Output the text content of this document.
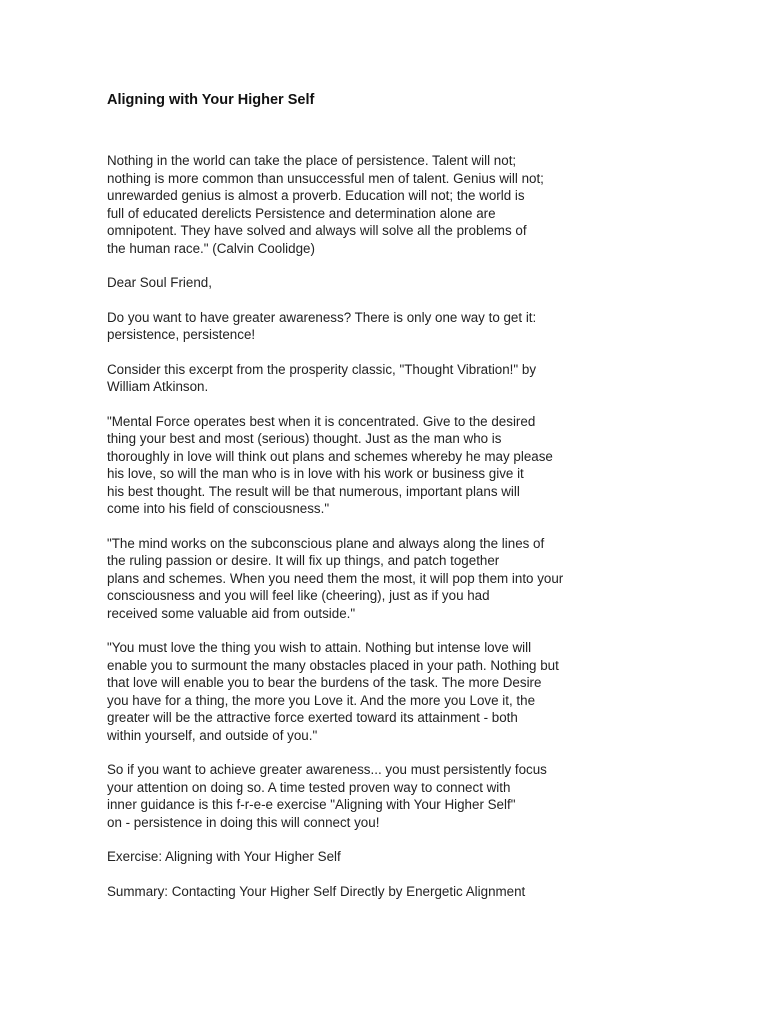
Aligning with Your Higher Self
Nothing in the world can take the place of persistence. Talent will not;
nothing is more common than unsuccessful men of talent. Genius will not;
unrewarded genius is almost a proverb. Education will not; the world is
full of educated derelicts Persistence and determination alone are
omnipotent. They have solved and always will solve all the problems of
the human race." (Calvin Coolidge)
Dear Soul Friend,
Do you want to have greater awareness? There is only one way to get it:
persistence, persistence!
Consider this excerpt from the prosperity classic, "Thought Vibration!" by
William Atkinson.
"Mental Force operates best when it is concentrated. Give to the desired
thing your best and most (serious) thought. Just as the man who is
thoroughly in love will think out plans and schemes whereby he may please
his love, so will the man who is in love with his work or business give it
his best thought. The result will be that numerous, important plans will
come into his field of consciousness."
"The mind works on the subconscious plane and always along the lines of
the ruling passion or desire. It will fix up things, and patch together
plans and schemes. When you need them the most, it will pop them into your
consciousness and you will feel like (cheering), just as if you had
received some valuable aid from outside."
"You must love the thing you wish to attain. Nothing but intense love will
enable you to surmount the many obstacles placed in your path. Nothing but
that love will enable you to bear the burdens of the task. The more Desire
you have for a thing, the more you Love it. And the more you Love it, the
greater will be the attractive force exerted toward its attainment - both
within yourself, and outside of you."
So if you want to achieve greater awareness... you must persistently focus
your attention on doing so. A time tested proven way to connect with
inner guidance is this f-r-e-e exercise "Aligning with Your Higher Self"
on - persistence in doing this will connect you!
Exercise: Aligning with Your Higher Self
Summary: Contacting Your Higher Self Directly by Energetic Alignment
